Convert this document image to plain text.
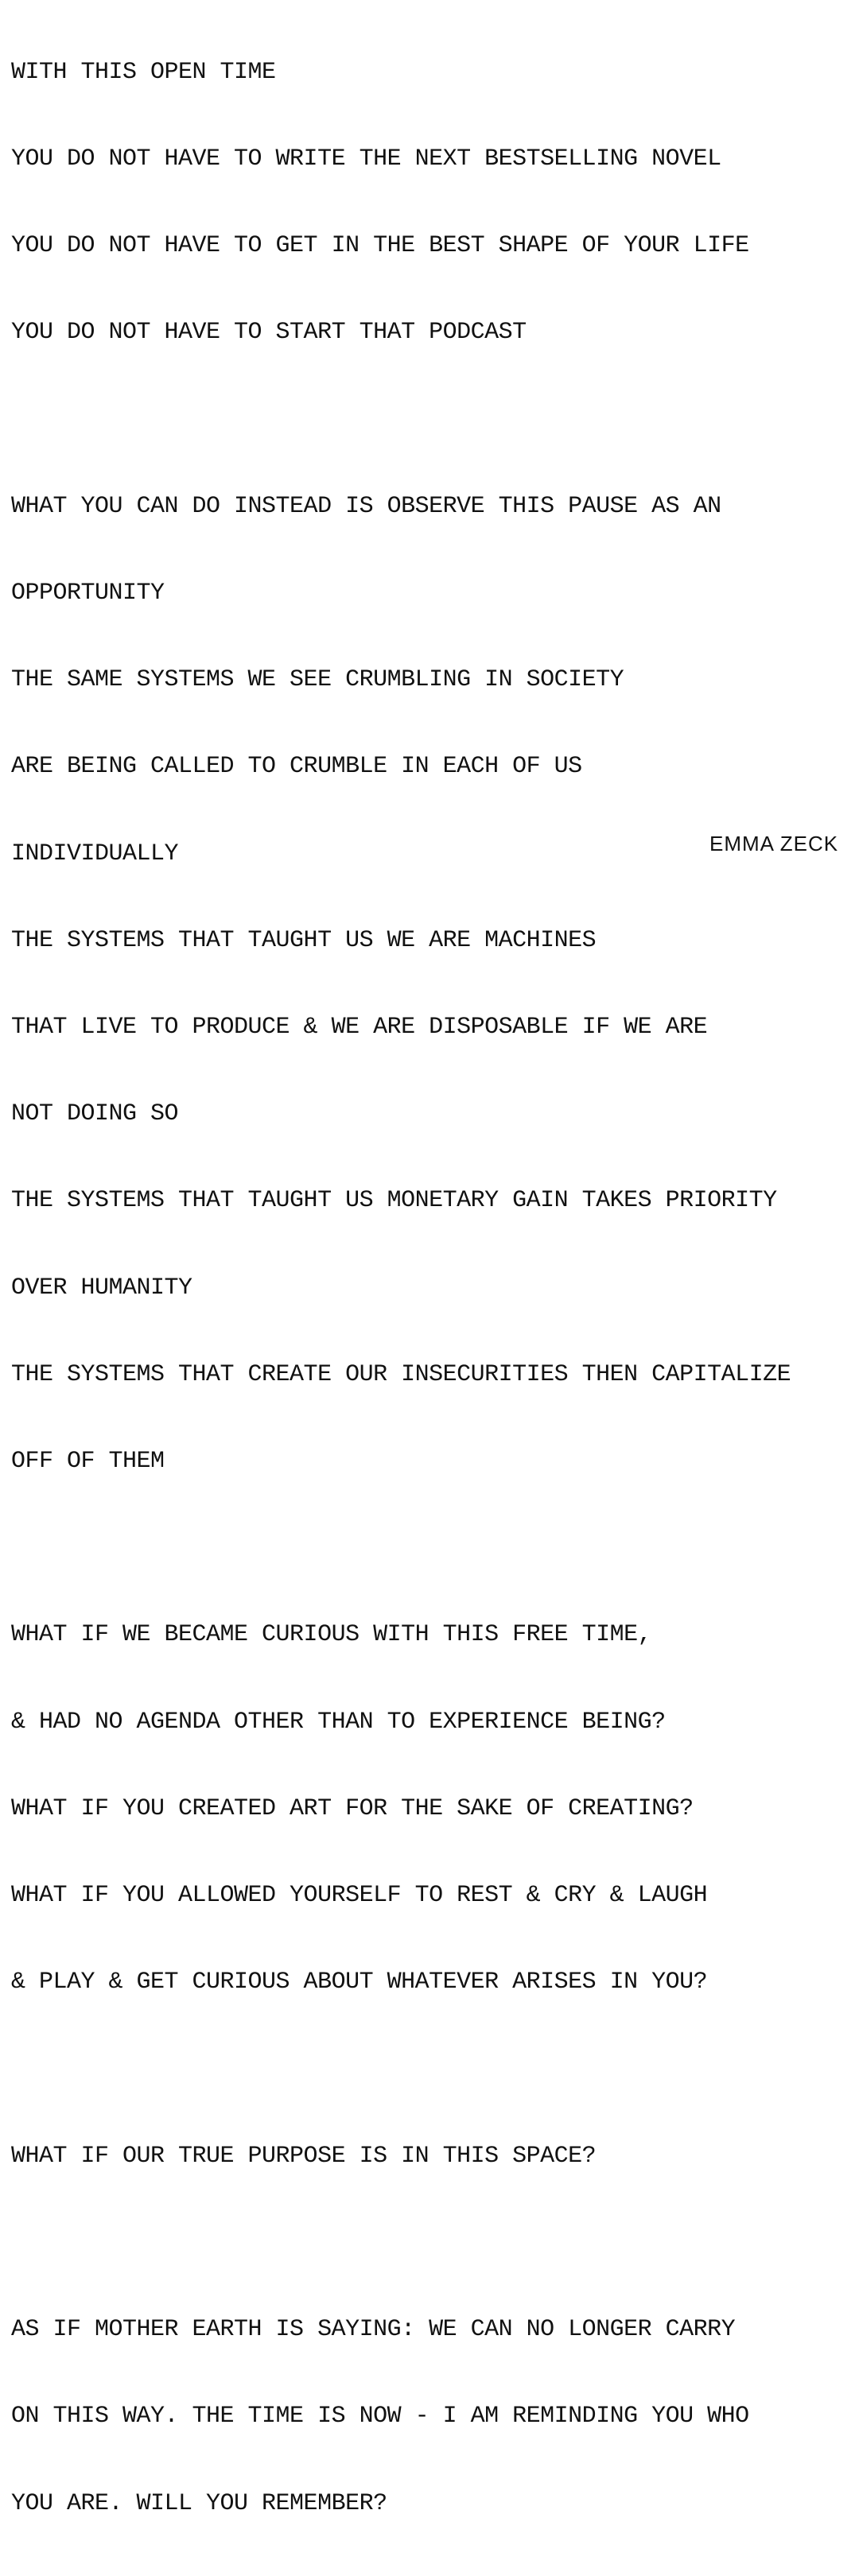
WITH THIS OPEN TIME

YOU DO NOT HAVE TO WRITE THE NEXT BESTSELLING NOVEL

YOU DO NOT HAVE TO GET IN THE BEST SHAPE OF YOUR LIFE

YOU DO NOT HAVE TO START THAT PODCAST

WHAT YOU CAN DO INSTEAD IS OBSERVE THIS PAUSE AS AN

OPPORTUNITY

THE SAME SYSTEMS WE SEE CRUMBLING IN SOCIETY

ARE BEING CALLED TO CRUMBLE IN EACH OF US

INDIVIDUALLY

THE SYSTEMS THAT TAUGHT US WE ARE MACHINES

THAT LIVE TO PRODUCE & WE ARE DISPOSABLE IF WE ARE

NOT DOING SO

THE SYSTEMS THAT TAUGHT US MONETARY GAIN TAKES PRIORITY

OVER HUMANITY

THE SYSTEMS THAT CREATE OUR INSECURITIES THEN CAPITALIZE

OFF OF THEM

WHAT IF WE BECAME CURIOUS WITH THIS FREE TIME,

& HAD NO AGENDA OTHER THAN TO EXPERIENCE BEING?

WHAT IF YOU CREATED ART FOR THE SAKE OF CREATING?

WHAT IF YOU ALLOWED YOURSELF TO REST & CRY & LAUGH

& PLAY & GET CURIOUS ABOUT WHATEVER ARISES IN YOU?

WHAT IF OUR TRUE PURPOSE IS IN THIS SPACE?

AS IF MOTHER EARTH IS SAYING: WE CAN NO LONGER CARRY

ON THIS WAY. THE TIME IS NOW - I AM REMINDING YOU WHO

YOU ARE. WILL YOU REMEMBER?

EMMA ZECK
